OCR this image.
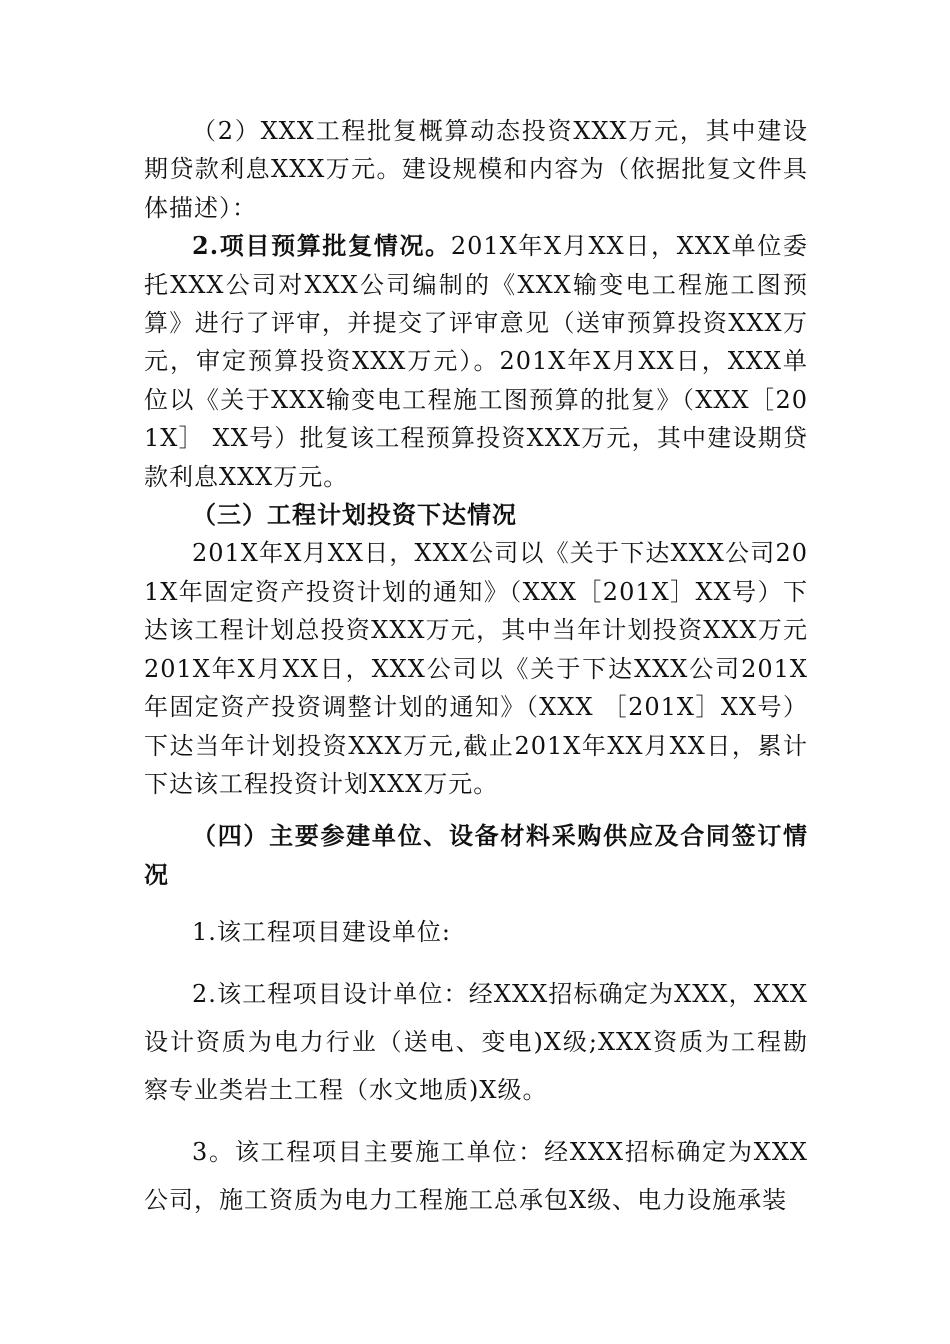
（2）XXX工程批复概算动态投资XXX万元，其中建设期贷款利息XXX万元。建设规模和内容为（依据批复文件具体描述）：

2.项目预算批复情况。201X年X月XX日，XXX单位委托XXX公司对XXX公司编制的《XXX输变电工程施工图预算》进行了评审，并提交了评审意见（送审预算投资XXX万元，审定预算投资XXX万元）。201X年X月XX日，XXX单位以《关于XXX输变电工程施工图预算的批复》（XXX［201X］ XX号）批复该工程预算投资XXX万元，其中建设期贷款利息XXX万元。

（三）工程计划投资下达情况

201X年X月XX日，XXX公司以《关于下达XXX公司201X年固定资产投资计划的通知》（XXX［201X］XX号）下达该工程计划总投资XXX万元，其中当年计划投资XXX万元201X年X月XX日，XXX公司以《关于下达XXX公司201X年固定资产投资调整计划的通知》（XXX ［201X］XX号）下达当年计划投资XXX万元,截止201X年XX月XX日，累计下达该工程投资计划XXX万元。

（四）主要参建单位、设备材料采购供应及合同签订情况

1.该工程项目建设单位:

2.该工程项目设计单位：经XXX招标确定为XXX，XXX设计资质为电力行业（送电、变电)X级;XXX资质为工程勘察专业类岩土工程（水文地质)X级。

3。该工程项目主要施工单位：经XXX招标确定为XXX公司，施工资质为电力工程施工总承包X级、电力设施承装
